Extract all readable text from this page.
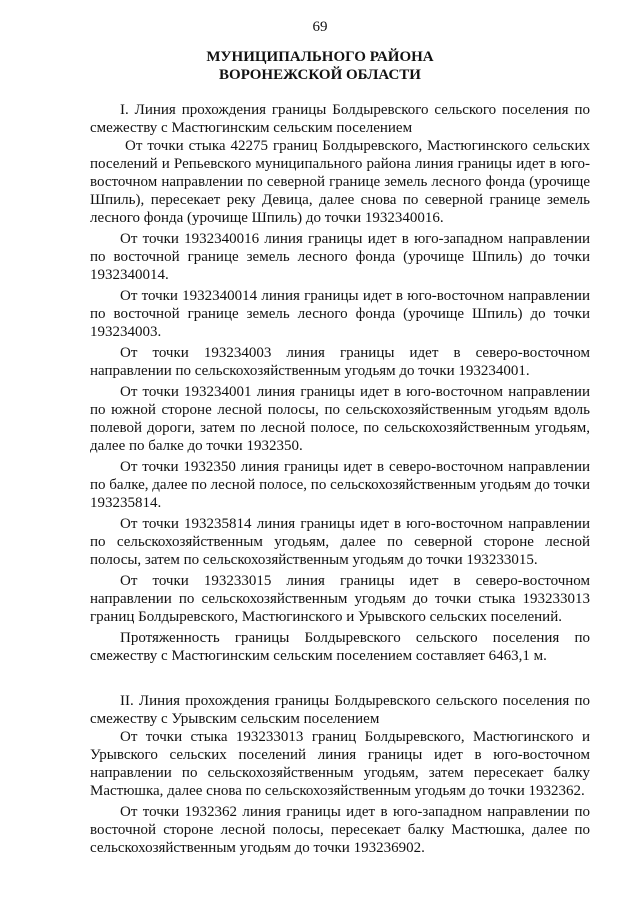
69
МУНИЦИПАЛЬНОГО РАЙОНА
ВОРОНЕЖСКОЙ ОБЛАСТИ

I. Линия прохождения границы Болдыревского сельского поселения по смежеству с Мастюгинским сельским поселением

От точки стыка 42275 границ Болдыревского, Мастюгинского сельских поселений и Репьевского муниципального района линия границы идет в юго-восточном направлении по северной границе земель лесного фонда (урочище Шпиль), пересекает реку Девица, далее снова по северной границе земель лесного фонда (урочище Шпиль) до точки 1932340016.

От точки 1932340016 линия границы идет в юго-западном направлении по восточной границе земель лесного фонда (урочище Шпиль) до точки 1932340014.

От точки 1932340014 линия границы идет в юго-восточном направлении по восточной границе земель лесного фонда (урочище Шпиль) до точки 193234003.

От точки 193234003 линия границы идет в северо-восточном направлении по сельскохозяйственным угодьям до точки 193234001.

От точки 193234001 линия границы идет в юго-восточном направлении по южной стороне лесной полосы, по сельскохозяйственным угодьям вдоль полевой дороги, затем по лесной полосе, по сельскохозяйственным угодьям, далее по балке до точки 1932350.

От точки 1932350 линия границы идет в северо-восточном направлении по балке, далее по лесной полосе, по сельскохозяйственным угодьям до точки 193235814.

От точки 193235814 линия границы идет в юго-восточном направлении по сельскохозяйственным угодьям, далее по северной стороне лесной полосы, затем по сельскохозяйственным угодьям до точки 193233015.

От точки 193233015 линия границы идет в северо-восточном направлении по сельскохозяйственным угодьям до точки стыка 193233013 границ Болдыревского, Мастюгинского и Урывского сельских поселений.

Протяженность границы Болдыревского сельского поселения по смежеству с Мастюгинским сельским поселением составляет 6463,1 м.

II. Линия прохождения границы Болдыревского сельского поселения по смежеству с Урывским сельским поселением

От точки стыка 193233013 границ Болдыревского, Мастюгинского и Урывского сельских поселений линия границы идет в юго-восточном направлении по сельскохозяйственным угодьям, затем пересекает балку Мастюшка, далее снова по сельскохозяйственным угодьям до точки 1932362.

От точки 1932362 линия границы идет в юго-западном направлении по восточной стороне лесной полосы, пересекает балку Мастюшка, далее по сельскохозяйственным угодьям до точки 193236902.
